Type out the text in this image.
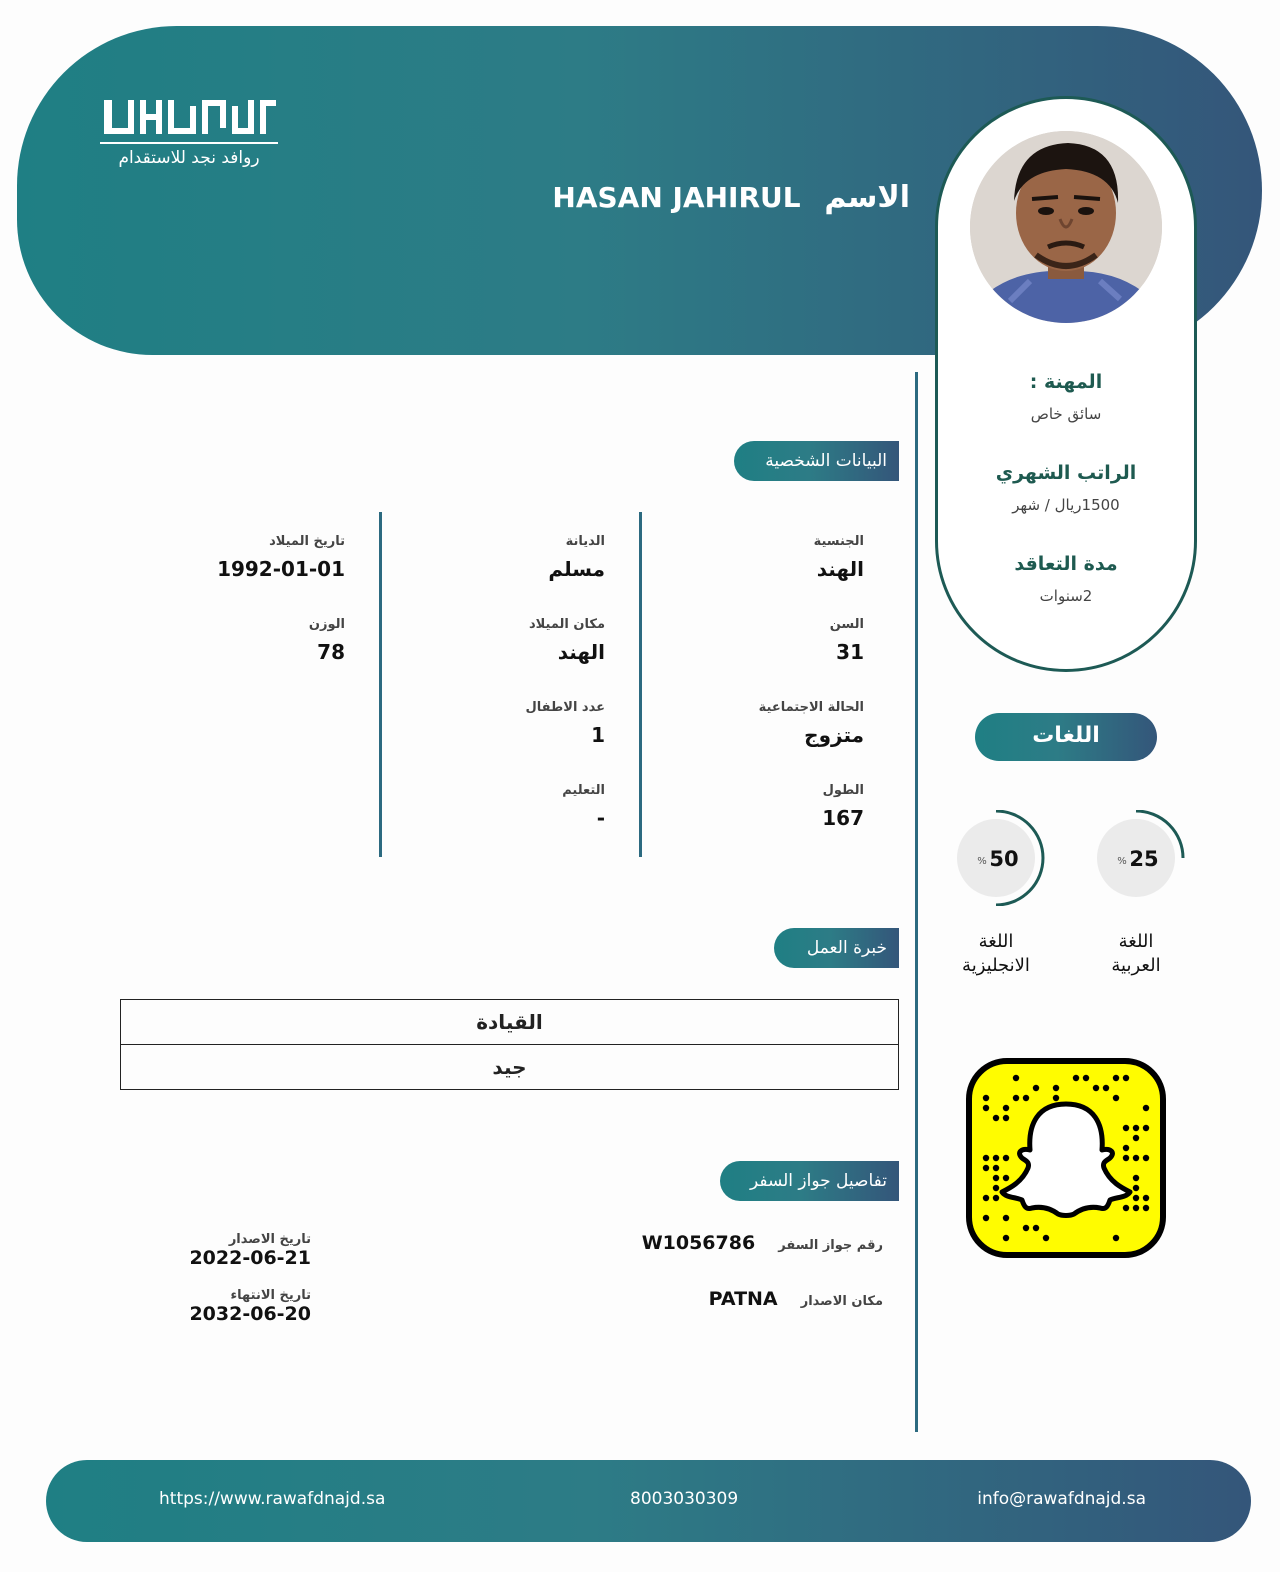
روافد نجد للاستقدام
الاسم HASAN JAHIRUL
المهنة :
سائق خاص
الراتب الشهري
1500ريال / شهر
مدة التعاقد
2سنوات
البيانات الشخصية
الجنسية
الهند
السن
31
الحالة الاجتماعية
متزوج
الطول
167
الديانة
مسلم
مكان الميلاد
الهند
عدد الاطفال
1
التعليم
-
تاريخ الميلاد
1992-01-01
الوزن
78
اللغات
25
%
50
%
اللغة
العربية
اللغة
الانجليزية
خبرة العمل
القيادة
جيد
تفاصيل جواز السفر
رقم جواز السفر W1056786
مكان الاصدار PATNA
تاريخ الاصدار
2022-06-21
تاريخ الانتهاء
2032-06-20
https://www.rawafdnajd.sa	8003030309	info@rawafdnajd.sa
